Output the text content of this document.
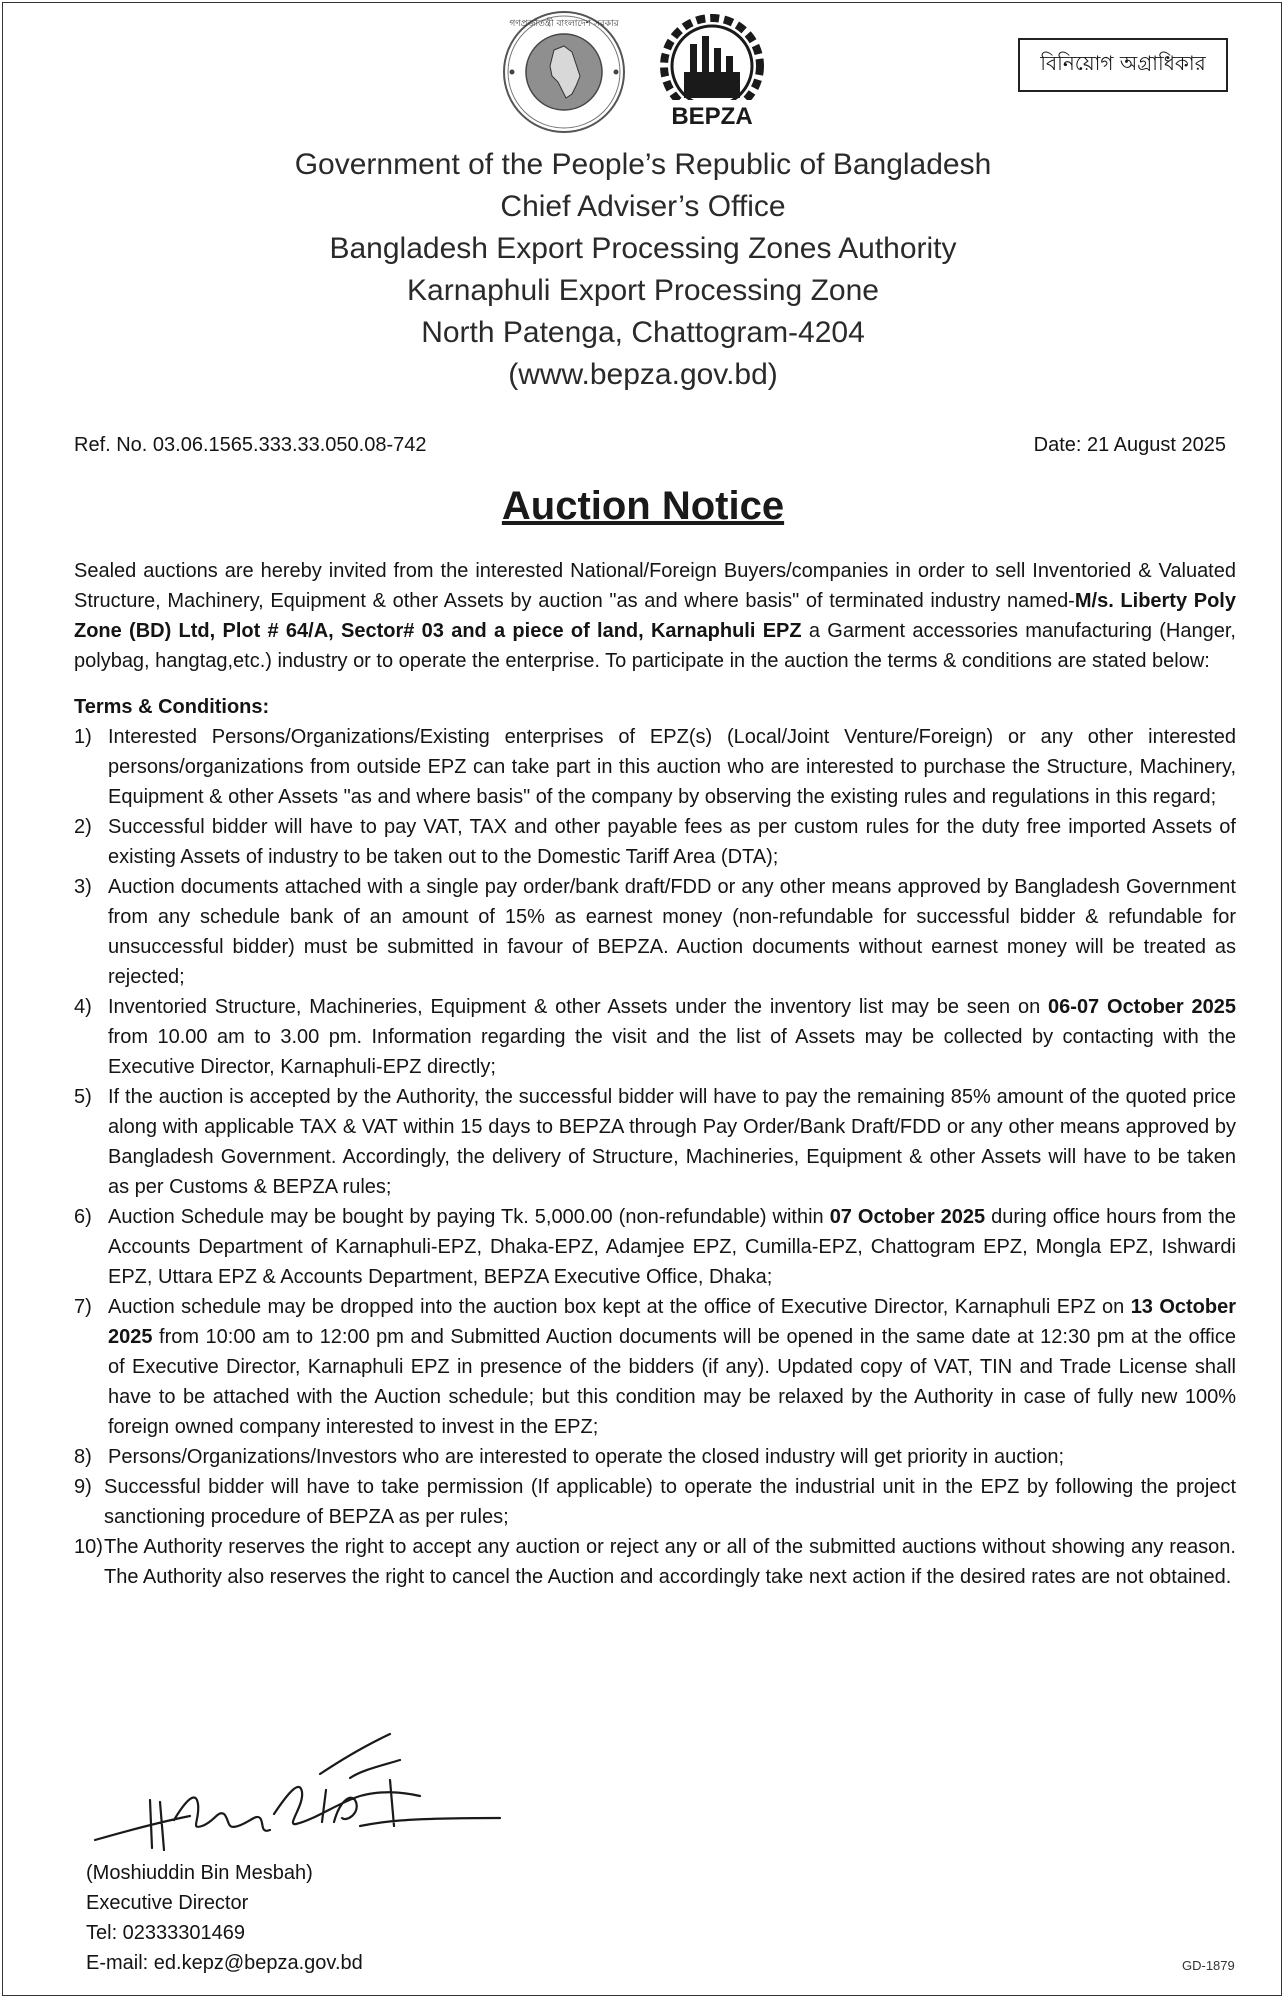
গণপ্রজাতন্ত্রী বাংলাদেশ সরকার
BEPZA
বিনিয়োগ অগ্রাধিকার
Government of the People’s Republic of Bangladesh
Chief Adviser’s Office
Bangladesh Export Processing Zones Authority
Karnaphuli Export Processing Zone
North Patenga, Chattogram-4204
(www.bepza.gov.bd)
Ref. No. 03.06.1565.333.33.050.08-742	Date: 21 August 2025
Auction Notice

Sealed auctions are hereby invited from the interested National/Foreign Buyers/companies in order to sell Inventoried & Valuated Structure, Machinery, Equipment & other Assets by auction "as and where basis" of terminated industry named-M/s. Liberty Poly Zone (BD) Ltd, Plot # 64/A, Sector# 03 and a piece of land, Karnaphuli EPZ a Garment accessories manufacturing (Hanger, polybag, hangtag,etc.) industry or to operate the enterprise. To participate in the auction the terms & conditions are stated below:

Terms & Conditions:

1) Interested Persons/Organizations/Existing enterprises of EPZ(s) (Local/Joint Venture/Foreign) or any other interested persons/organizations from outside EPZ can take part in this auction who are interested to purchase the Structure, Machinery, Equipment & other Assets "as and where basis" of the company by observing the existing rules and regulations in this regard;
2) Successful bidder will have to pay VAT, TAX and other payable fees as per custom rules for the duty free imported Assets of existing Assets of industry to be taken out to the Domestic Tariff Area (DTA);
3) Auction documents attached with a single pay order/bank draft/FDD or any other means approved by Bangladesh Government from any schedule bank of an amount of 15% as earnest money (non-refundable for successful bidder & refundable for unsuccessful bidder) must be submitted in favour of BEPZA. Auction documents without earnest money will be treated as rejected;
4) Inventoried Structure, Machineries, Equipment & other Assets under the inventory list may be seen on 06-07 October 2025 from 10.00 am to 3.00 pm. Information regarding the visit and the list of Assets may be collected by contacting with the Executive Director, Karnaphuli-EPZ directly;
5) If the auction is accepted by the Authority, the successful bidder will have to pay the remaining 85% amount of the quoted price along with applicable TAX & VAT within 15 days to BEPZA through Pay Order/Bank Draft/FDD or any other means approved by Bangladesh Government. Accordingly, the delivery of Structure, Machineries, Equipment & other Assets will have to be taken as per Customs & BEPZA rules;
6) Auction Schedule may be bought by paying Tk. 5,000.00 (non-refundable) within 07 October 2025 during office hours from the Accounts Department of Karnaphuli-EPZ, Dhaka-EPZ, Adamjee EPZ, Cumilla-EPZ, Chattogram EPZ, Mongla EPZ, Ishwardi EPZ, Uttara EPZ & Accounts Department, BEPZA Executive Office, Dhaka;
7) Auction schedule may be dropped into the auction box kept at the office of Executive Director, Karnaphuli EPZ on 13 October 2025 from 10:00 am to 12:00 pm and Submitted Auction documents will be opened in the same date at 12:30 pm at the office of Executive Director, Karnaphuli EPZ in presence of the bidders (if any). Updated copy of VAT, TIN and Trade License shall have to be attached with the Auction schedule; but this condition may be relaxed by the Authority in case of fully new 100% foreign owned company interested to invest in the EPZ;
8) Persons/Organizations/Investors who are interested to operate the closed industry will get priority in auction;
9) Successful bidder will have to take permission (If applicable) to operate the industrial unit in the EPZ by following the project sanctioning procedure of BEPZA as per rules;
10) The Authority reserves the right to accept any auction or reject any or all of the submitted auctions without showing any reason. The Authority also reserves the right to cancel the Auction and accordingly take next action if the desired rates are not obtained.
(Moshiuddin Bin Mesbah)
Executive Director
Tel: 02333301469
E-mail: ed.kepz@bepza.gov.bd	GD-1879
